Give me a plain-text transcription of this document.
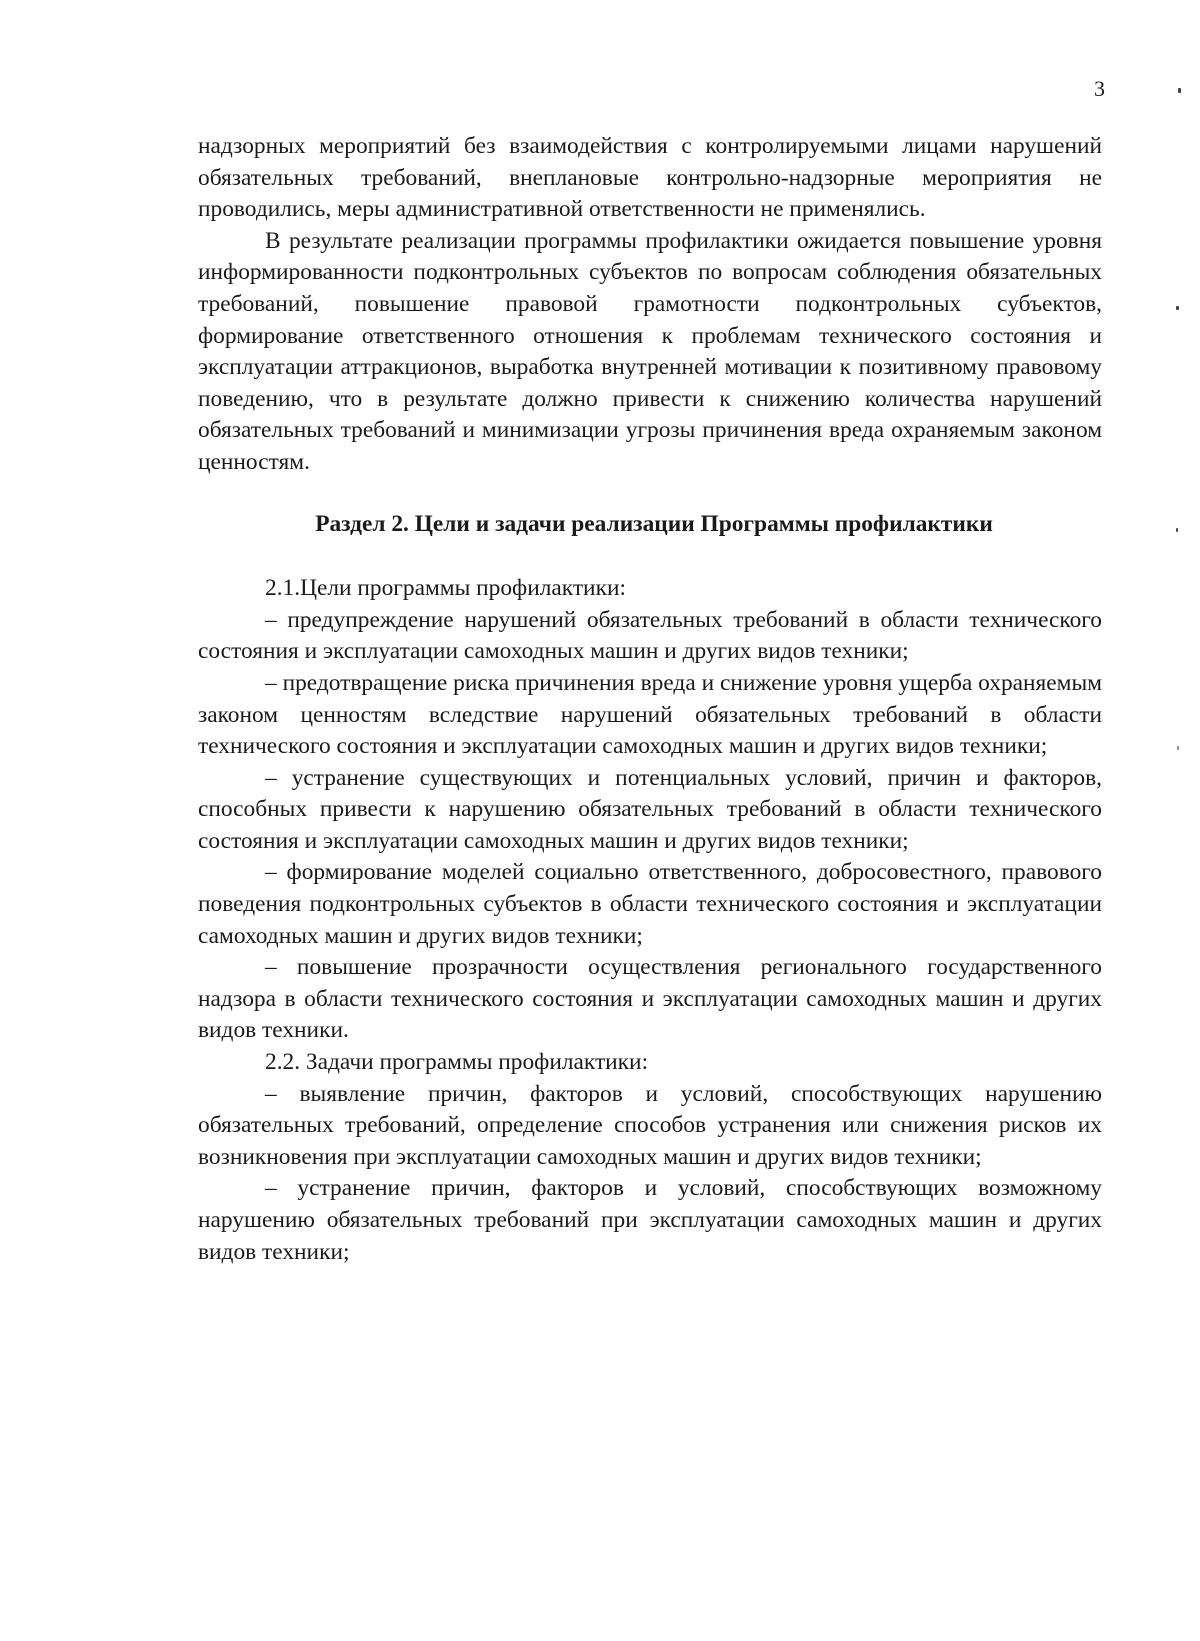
3

надзорных мероприятий без взаимодействия с контролируемыми лицами нарушений обязательных требований, внеплановые контрольно-надзорные мероприятия не проводились, меры административной ответственности не применялись.

В результате реализации программы профилактики ожидается повышение уровня информированности подконтрольных субъектов по вопросам соблюдения обязательных требований, повышение правовой грамотности подконтрольных субъектов, формирование ответственного отношения к проблемам технического состояния и эксплуатации аттракционов, выработка внутренней мотивации к позитивному правовому поведению, что в результате должно привести к снижению количества нарушений обязательных требований и минимизации угрозы причинения вреда охраняемым законом ценностям.

Раздел 2. Цели и задачи реализации Программы профилактики

2.1.Цели программы профилактики:

– предупреждение нарушений обязательных требований в области технического состояния и эксплуатации самоходных машин и других видов техники;

– предотвращение риска причинения вреда и снижение уровня ущерба охраняемым законом ценностям вследствие нарушений обязательных требований в области технического состояния и эксплуатации самоходных машин и других видов техники;

– устранение существующих и потенциальных условий, причин и факторов, способных привести к нарушению обязательных требований в области технического состояния и эксплуатации самоходных машин и других видов техники;

– формирование моделей социально ответственного, добросовестного, правового поведения подконтрольных субъектов в области технического состояния и эксплуатации самоходных машин и других видов техники;

– повышение прозрачности осуществления регионального государственного надзора в области технического состояния и эксплуатации самоходных машин и других видов техники.

2.2. Задачи программы профилактики:

– выявление причин, факторов и условий, способствующих нарушению обязательных требований, определение способов устранения или снижения рисков их возникновения при эксплуатации самоходных машин и других видов техники;

– устранение причин, факторов и условий, способствующих возможному нарушению обязательных требований при эксплуатации самоходных машин и других видов техники;
